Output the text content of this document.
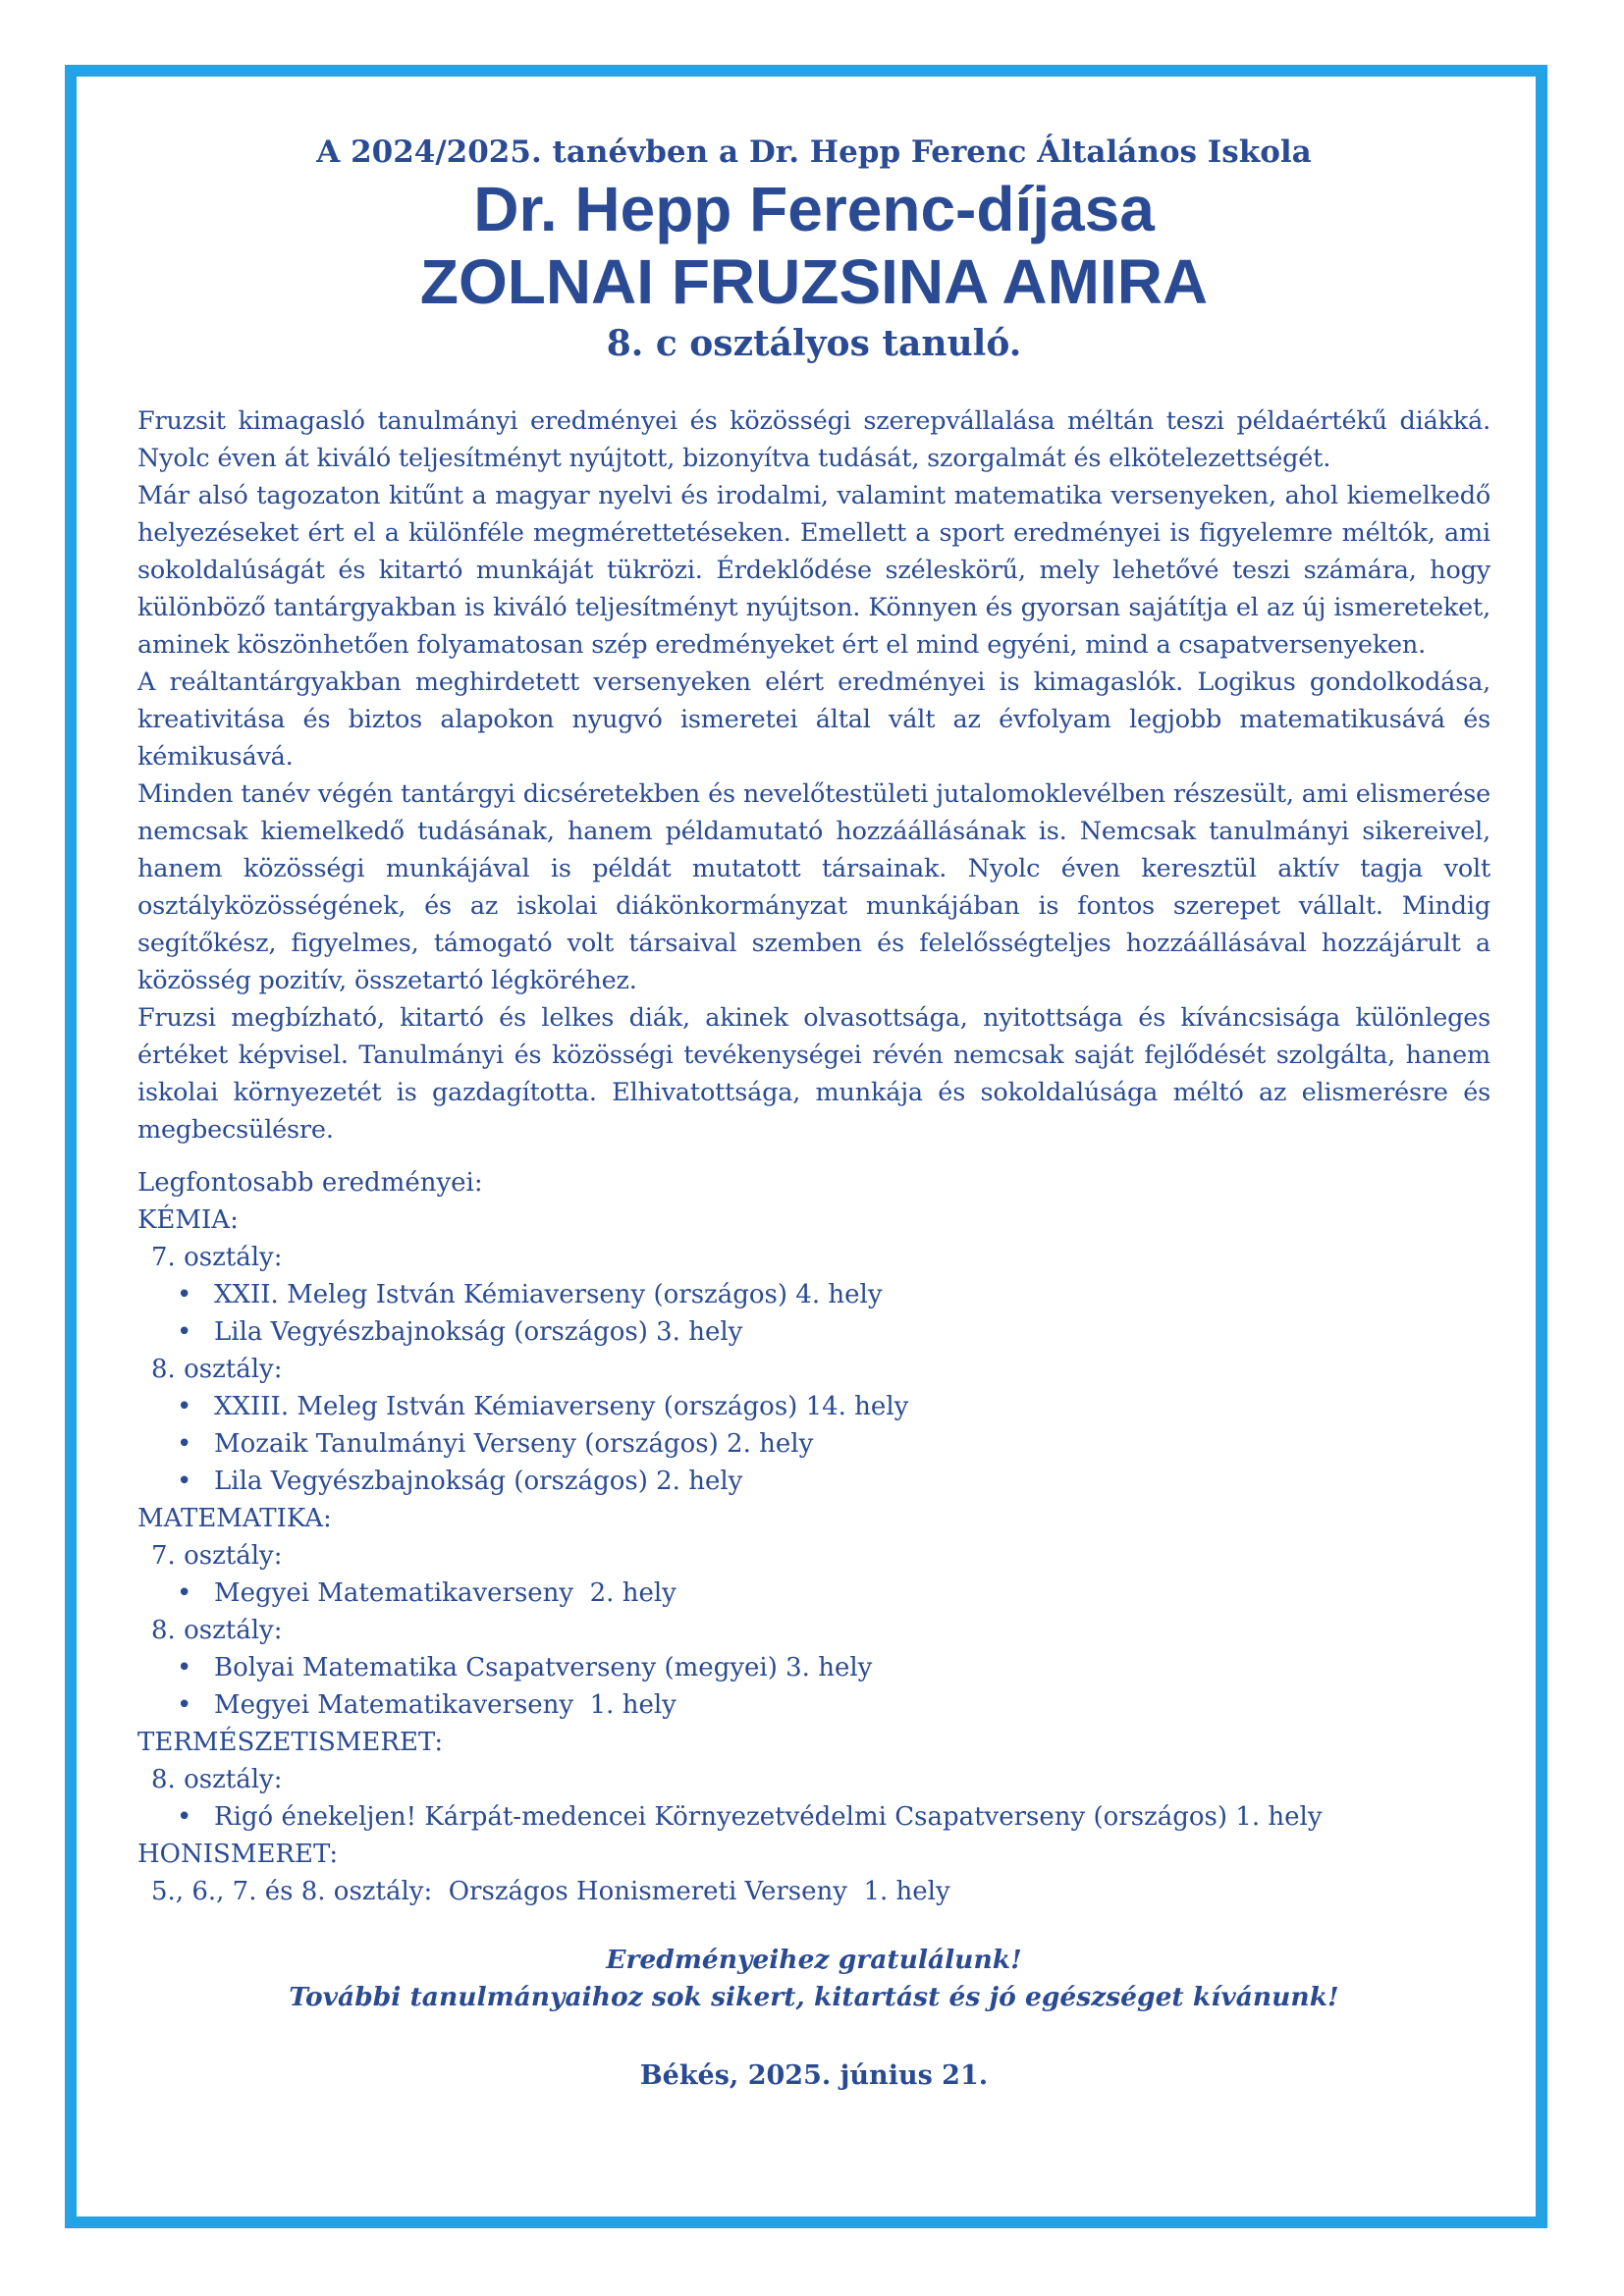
A 2024/2025. tanévben a Dr. Hepp Ferenc Általános Iskola
Dr. Hepp Ferenc-díjasa
ZOLNAI FRUZSINA AMIRA
8. c osztályos tanuló.

Fruzsit kimagasló tanulmányi eredményei és közösségi szerepvállalása méltán teszi példaértékű diákká. Nyolc éven át kiváló teljesítményt nyújtott, bizonyítva tudását, szorgalmát és elkötelezettségét.

Már alsó tagozaton kitűnt a magyar nyelvi és irodalmi, valamint matematika versenyeken, ahol kiemelkedő helyezéseket ért el a különféle megmérettetéseken. Emellett a sport eredményei is figyelemre méltók, ami sokoldalúságát és kitartó munkáját tükrözi. Érdeklődése széleskörű, mely lehetővé teszi számára, hogy különböző tantárgyakban is kiváló teljesítményt nyújtson. Könnyen és gyorsan sajátítja el az új ismereteket, aminek köszönhetően folyamatosan szép eredményeket ért el mind egyéni, mind a csapatversenyeken.

A reáltantárgyakban meghirdetett versenyeken elért eredményei is kimagaslók. Logikus gondolkodása, kreativitása és biztos alapokon nyugvó ismeretei által vált az évfolyam legjobb matematikusává és kémikusává.

Minden tanév végén tantárgyi dicséretekben és nevelőtestületi jutalomoklevélben részesült, ami elismerése nemcsak kiemelkedő tudásának, hanem példamutató hozzáállásának is. Nemcsak tanulmányi sikereivel, hanem közösségi munkájával is példát mutatott társainak. Nyolc éven keresztül aktív tagja volt osztályközösségének, és az iskolai diákönkormányzat munkájában is fontos szerepet vállalt. Mindig segítőkész, figyelmes, támogató volt társaival szemben és felelősségteljes hozzáállásával hozzájárult a közösség pozitív, összetartó légköréhez.

Fruzsi megbízható, kitartó és lelkes diák, akinek olvasottsága, nyitottsága és kíváncsisága különleges értéket képvisel. Tanulmányi és közösségi tevékenységei révén nemcsak saját fejlődését szolgálta, hanem iskolai környezetét is gazdagította. Elhivatottsága, munkája és sokoldalúsága méltó az elismerésre és megbecsülésre.

Legfontosabb eredményei:
KÉMIA:
7. osztály:
• XXII. Meleg István Kémiaverseny (országos) 4. hely
• Lila Vegyészbajnokság (országos) 3. hely
8. osztály:
• XXIII. Meleg István Kémiaverseny (országos) 14. hely
• Mozaik Tanulmányi Verseny (országos) 2. hely
• Lila Vegyészbajnokság (országos) 2. hely
MATEMATIKA:
7. osztály:
• Megyei Matematikaverseny  2. hely
8. osztály:
• Bolyai Matematika Csapatverseny (megyei) 3. hely
• Megyei Matematikaverseny  1. hely
TERMÉSZETISMERET:
8. osztály:
• Rigó énekeljen! Kárpát-medencei Környezetvédelmi Csapatverseny (országos) 1. hely
HONISMERET:
5., 6., 7. és 8. osztály:  Országos Honismereti Verseny  1. hely
Eredményeihez gratulálunk!
További tanulmányaihoz sok sikert, kitartást és jó egészséget kívánunk!
Békés, 2025. június 21.
